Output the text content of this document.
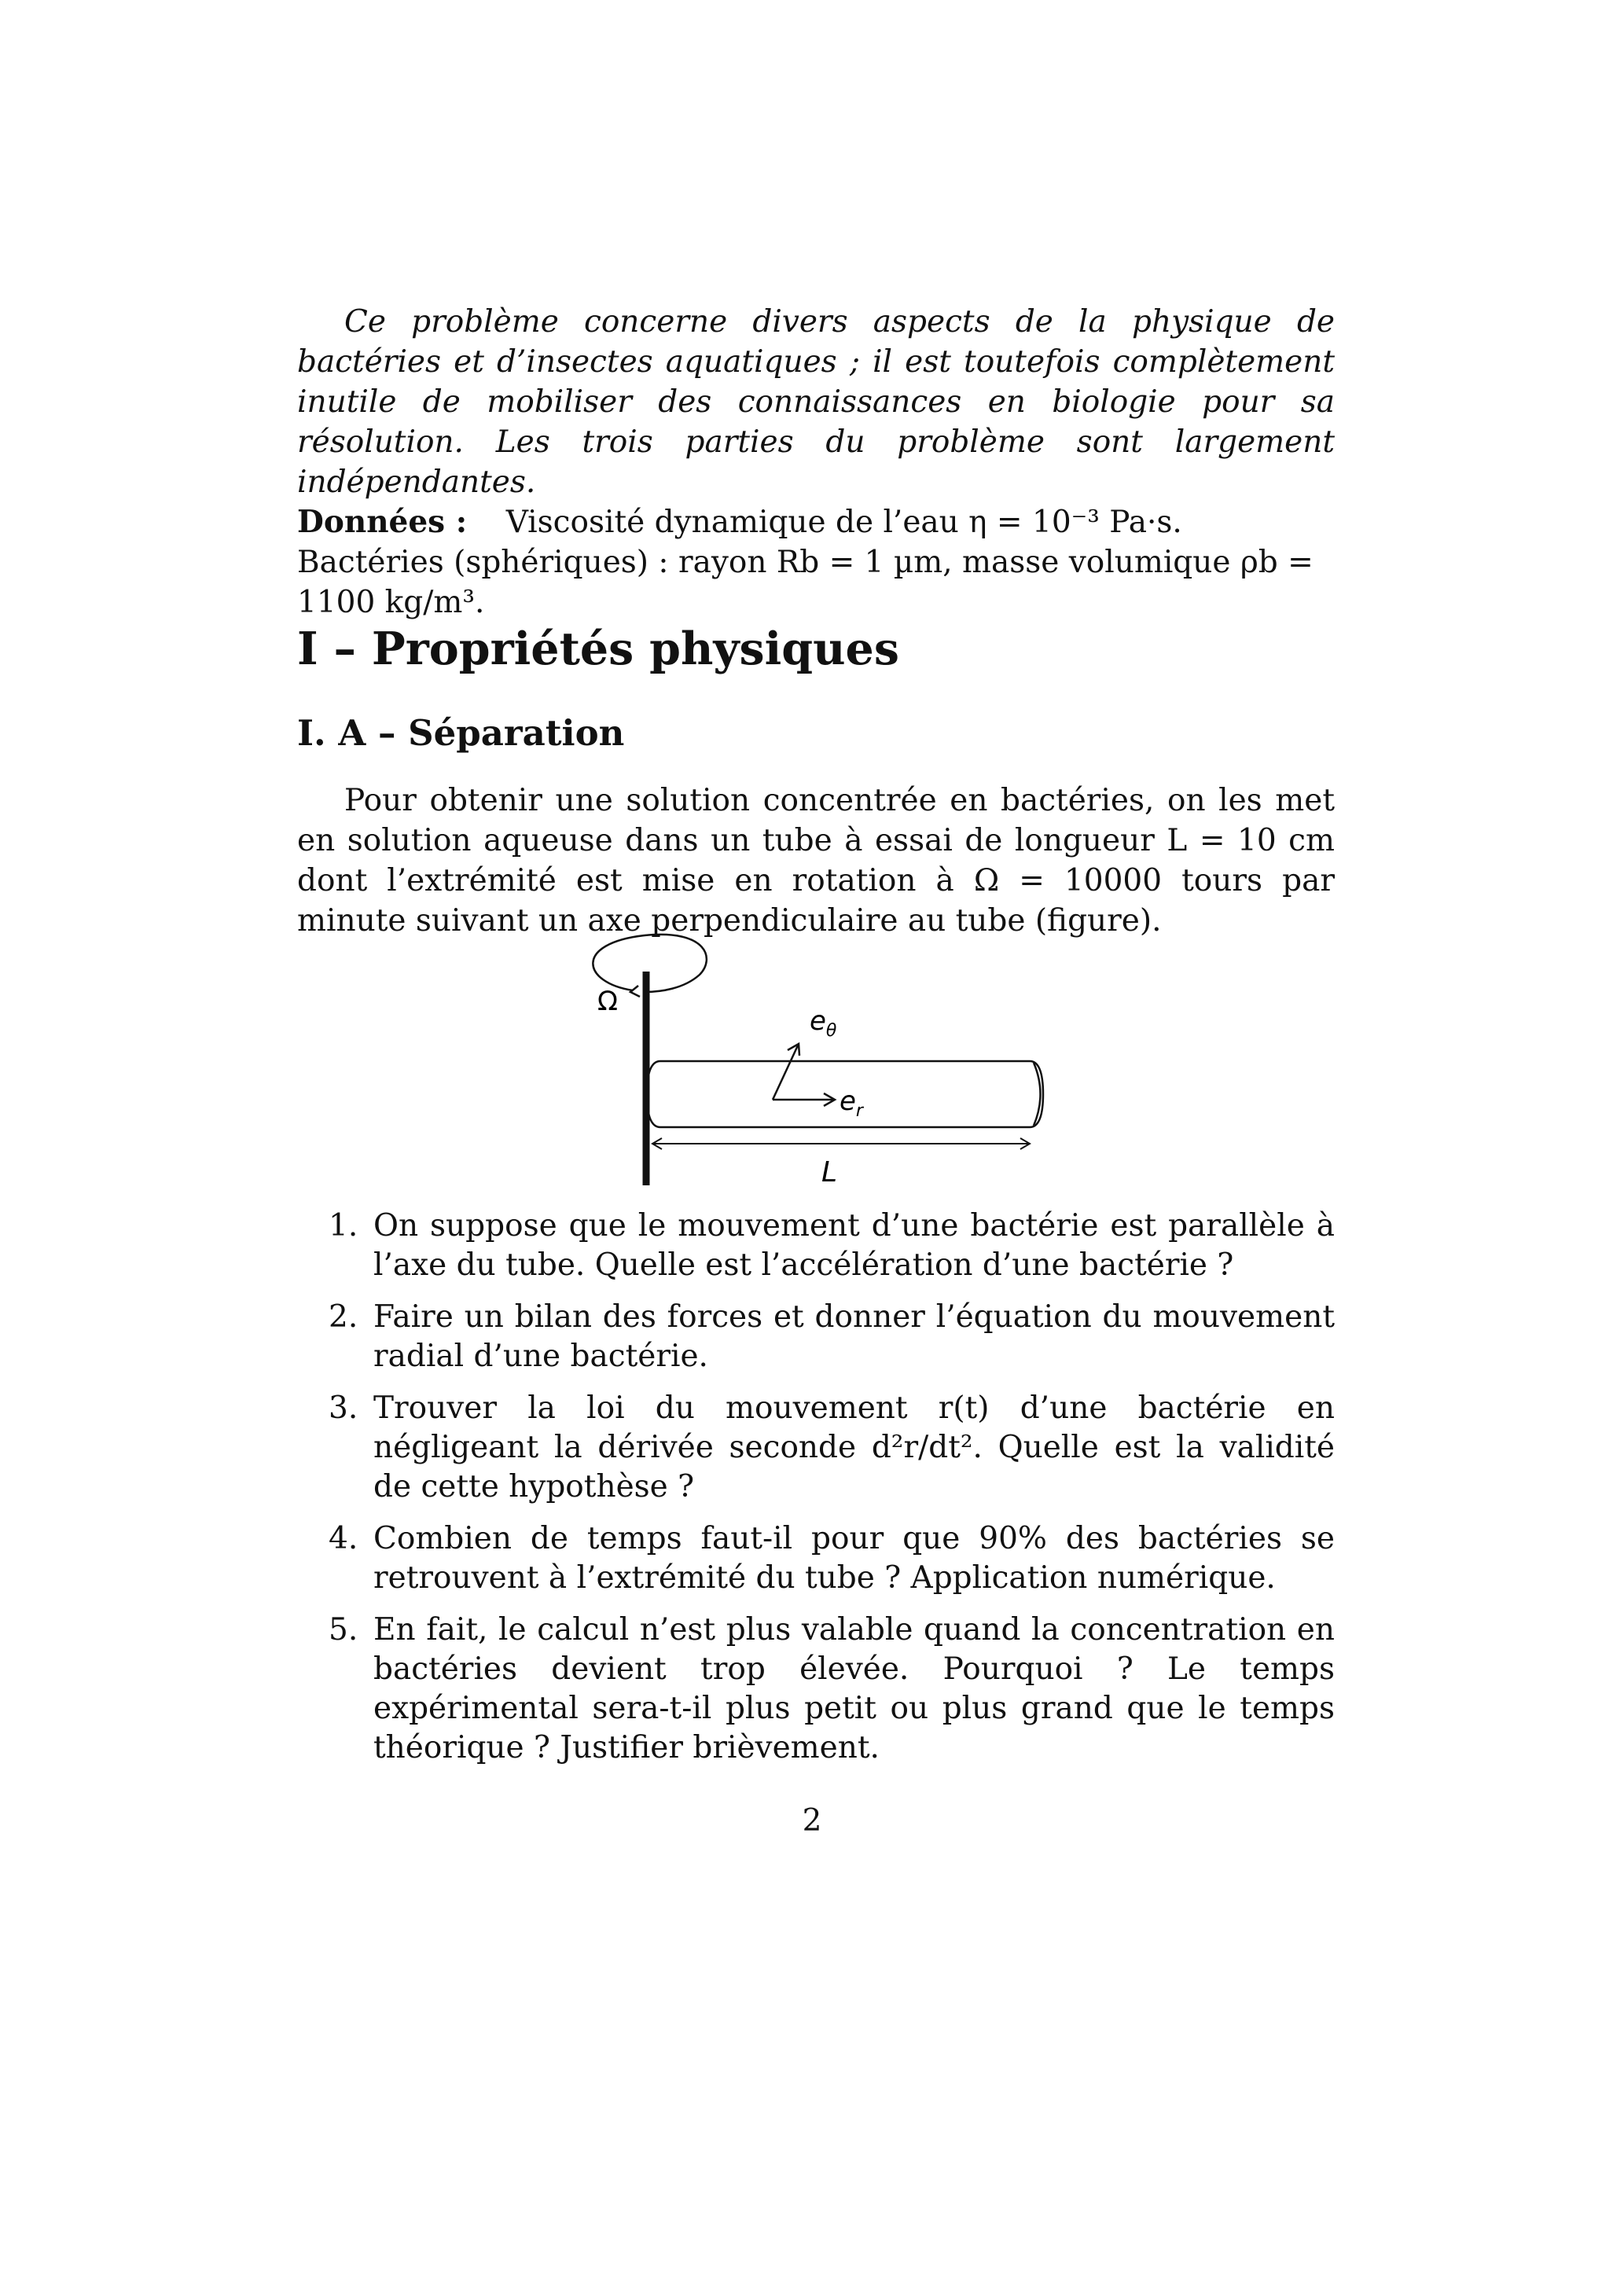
Ce problème concerne divers aspects de la physique de bactéries et d’insectes aquatiques ; il est toutefois complètement inutile de mobiliser des connaissances en biologie pour sa résolution. Les trois parties du problème sont largement indépendantes.

Données : Viscosité dynamique de l’eau η = 10⁻³ Pa·s.

Bactéries (sphériques) : rayon Rb = 1 µm, masse volumique ρb = 1100 kg/m³.

I – Propriétés physiques
I. A – Séparation

Pour obtenir une solution concentrée en bactéries, on les met en solution aqueuse dans un tube à essai de longueur L = 10 cm dont l’extrémité est mise en rotation à Ω = 10000 tours par minute suivant un axe perpendiculaire au tube (figure).

Ω
$e_\theta$
$e_r$
L
1. On suppose que le mouvement d’une bactérie est parallèle à l’axe du tube. Quelle est l’accélération d’une bactérie ?
2. Faire un bilan des forces et donner l’équation du mouvement radial d’une bactérie.
3. Trouver la loi du mouvement r(t) d’une bactérie en négligeant la dérivée seconde d²r/dt². Quelle est la validité de cette hypothèse ?
4. Combien de temps faut-il pour que 90% des bactéries se retrouvent à l’extrémité du tube ? Application numérique.
5. En fait, le calcul n’est plus valable quand la concentration en bactéries devient trop élevée. Pourquoi ? Le temps expérimental sera-t-il plus petit ou plus grand que le temps théorique ? Justifier brièvement.
2
